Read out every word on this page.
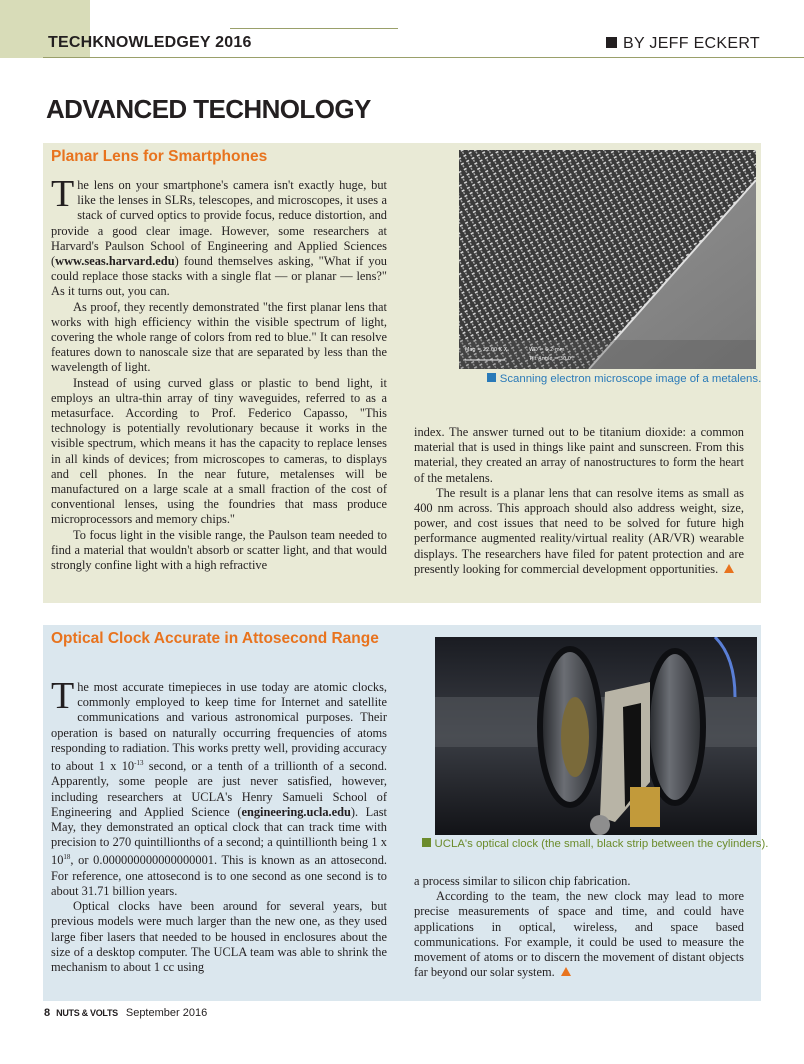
TECHKNOWLEDGEY 2016	BY JEFF ECKERT
ADVANCED TECHNOLOGY
Planar Lens for Smartphones

The lens on your smartphone's camera isn't exactly huge, but like the lenses in SLRs, telescopes, and microscopes, it uses a stack of curved optics to provide focus, reduce distortion, and provide a good clear image. However, some researchers at Harvard's Paulson School of Engineering and Applied Sciences (www.seas.harvard.edu) found themselves asking, "What if you could replace those stacks with a single flat — or planar — lens?" As it turns out, you can.

As proof, they recently demonstrated "the first planar lens that works with high efficiency within the visible spectrum of light, covering the whole range of colors from red to blue." It can resolve features down to nanoscale size that are separated by less than the wavelength of light.

Instead of using curved glass or plastic to bend light, it employs an ultra-thin array of tiny waveguides, referred to as a metasurface. According to Prof. Federico Capasso, "This technology is potentially revolutionary because it works in the visible spectrum, which means it has the capacity to replace lenses in all kinds of devices; from microscopes to cameras, to displays and cell phones. In the near future, metalenses will be manufactured on a large scale at a small fraction of the cost of conventional lenses, using the foundries that mass produce microprocessors and memory chips."

To focus light in the visible range, the Paulson team needed to find a material that wouldn't absorb or scatter light, and that would strongly confine light with a high refractive

Mag = 22.00 K X	WD = 6.2 mm
Tilt Angle = 30.0 °
Scanning electron microscope image of a metalens.

index. The answer turned out to be titanium dioxide: a common material that is used in things like paint and sunscreen. From this material, they created an array of nanostructures to form the heart of the metalens.

The result is a planar lens that can resolve items as small as 400 nm across. This approach should also address weight, size, power, and cost issues that need to be solved for future high performance augmented reality/virtual reality (AR/VR) wearable displays. The researchers have filed for patent protection and are presently looking for commercial development opportunities.

Optical Clock Accurate in Attosecond Range

The most accurate timepieces in use today are atomic clocks, commonly employed to keep time for Internet and satellite communications and various astronomical purposes. Their operation is based on naturally occurring frequencies of atoms responding to radiation. This works pretty well, providing accuracy to about 1 x $10^{-13}$ second, or a tenth of a trillionth of a second. Apparently, some people are just never satisfied, however, including researchers at UCLA's Henry Samueli School of Engineering and Applied Science (engineering.ucla.edu). Last May, they demonstrated an optical clock that can track time with precision to 270 quintillionths of a second; a quintillionth being 1 x $10^{18}$, or 0.000000000000000001. This is known as an attosecond. For reference, one attosecond is to one second as one second is to about 31.71 billion years.

Optical clocks have been around for several years, but previous models were much larger than the new one, as they used large fiber lasers that needed to be housed in enclosures about the size of a desktop computer. The UCLA team was able to shrink the mechanism to about 1 cc using

UCLA's optical clock (the small, black strip between the cylinders).

a process similar to silicon chip fabrication.

According to the team, the new clock may lead to more precise measurements of space and time, and could have applications in optical, wireless, and space based communications. For example, it could be used to measure the movement of atoms or to discern the movement of distant objects far beyond our solar system.

8 NUTS & VOLTS September 2016
